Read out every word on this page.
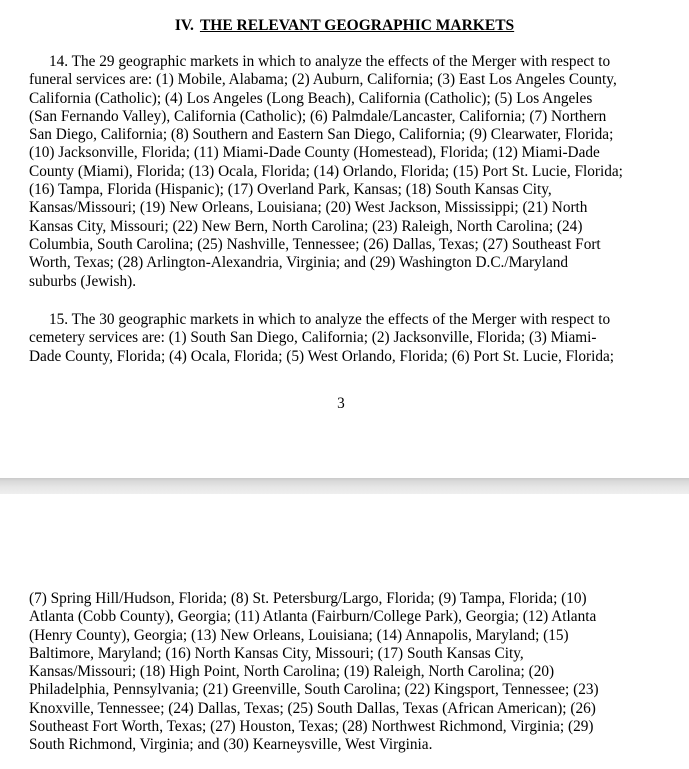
IV. THE RELEVANT GEOGRAPHIC MARKETS
14. The 29 geographic markets in which to analyze the effects of the Merger with respect to
funeral services are: (1) Mobile, Alabama; (2) Auburn, California; (3) East Los Angeles County,
California (Catholic); (4) Los Angeles (Long Beach), California (Catholic); (5) Los Angeles
(San Fernando Valley), California (Catholic); (6) Palmdale/Lancaster, California; (7) Northern
San Diego, California; (8) Southern and Eastern San Diego, California; (9) Clearwater, Florida;
(10) Jacksonville, Florida; (11) Miami-Dade County (Homestead), Florida; (12) Miami-Dade
County (Miami), Florida; (13) Ocala, Florida; (14) Orlando, Florida; (15) Port St. Lucie, Florida;
(16) Tampa, Florida (Hispanic); (17) Overland Park, Kansas; (18) South Kansas City,
Kansas/Missouri; (19) New Orleans, Louisiana; (20) West Jackson, Mississippi; (21) North
Kansas City, Missouri; (22) New Bern, North Carolina; (23) Raleigh, North Carolina; (24)
Columbia, South Carolina; (25) Nashville, Tennessee; (26) Dallas, Texas; (27) Southeast Fort
Worth, Texas; (28) Arlington-Alexandria, Virginia; and (29) Washington D.C./Maryland
suburbs (Jewish).
15. The 30 geographic markets in which to analyze the effects of the Merger with respect to
cemetery services are: (1) South San Diego, California; (2) Jacksonville, Florida; (3) Miami-
Dade County, Florida; (4) Ocala, Florida; (5) West Orlando, Florida; (6) Port St. Lucie, Florida;
3
(7) Spring Hill/Hudson, Florida; (8) St. Petersburg/Largo, Florida; (9) Tampa, Florida; (10)
Atlanta (Cobb County), Georgia; (11) Atlanta (Fairburn/College Park), Georgia; (12) Atlanta
(Henry County), Georgia; (13) New Orleans, Louisiana; (14) Annapolis, Maryland; (15)
Baltimore, Maryland; (16) North Kansas City, Missouri; (17) South Kansas City,
Kansas/Missouri; (18) High Point, North Carolina; (19) Raleigh, North Carolina; (20)
Philadelphia, Pennsylvania; (21) Greenville, South Carolina; (22) Kingsport, Tennessee; (23)
Knoxville, Tennessee; (24) Dallas, Texas; (25) South Dallas, Texas (African American); (26)
Southeast Fort Worth, Texas; (27) Houston, Texas; (28) Northwest Richmond, Virginia; (29)
South Richmond, Virginia; and (30) Kearneysville, West Virginia.
